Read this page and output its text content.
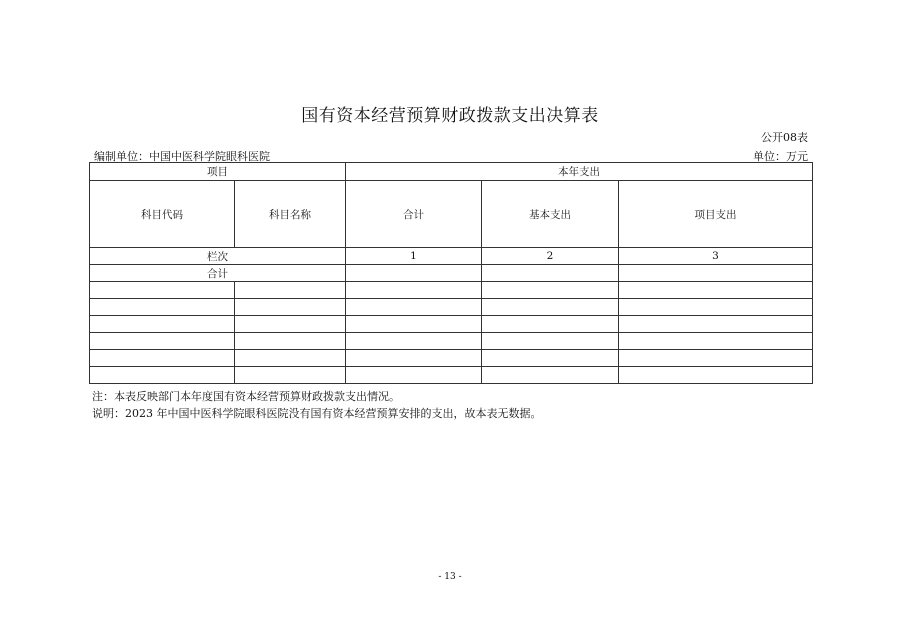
国有资本经营预算财政拨款支出决算表
公开08表
编制单位：中国中医科学院眼科医院	单位：万元
项目		本年支出		
科目代码	科目名称	合计	基本支出	项目支出
栏次		1	2	3
合计				

注：本表反映部门本年度国有资本经营预算财政拨款支出情况。
说明：2023 年中国中医科学院眼科医院没有国有资本经营预算安排的支出，故本表无数据。
- 13 -
